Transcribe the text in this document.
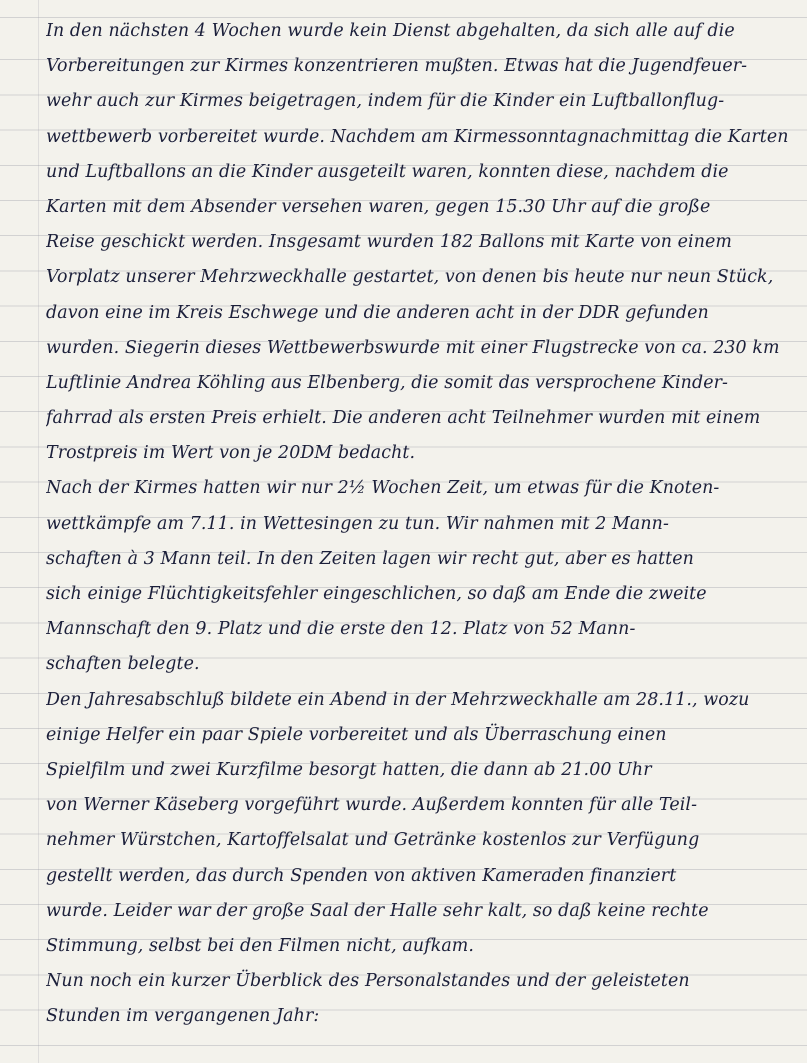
In den nächsten 4 Wochen wurde kein Dienst abgehalten, da sich alle auf die
Vorbereitungen zur Kirmes konzentrieren mußten. Etwas hat die Jugendfeuer-
wehr auch zur Kirmes beigetragen, indem für die Kinder ein Luftballonflug-
wettbewerb vorbereitet wurde. Nachdem am Kirmessonntagnachmittag die Karten
und Luftballons an die Kinder ausgeteilt waren, konnten diese, nachdem die
Karten mit dem Absender versehen waren, gegen 15.30 Uhr auf die große
Reise geschickt werden. Insgesamt wurden 182 Ballons mit Karte von einem
Vorplatz unserer Mehrzweckhalle gestartet, von denen bis heute nur neun Stück,
davon eine im Kreis Eschwege und die anderen acht in der DDR gefunden
wurden. Siegerin dieses Wettbewerbswurde mit einer Flugstrecke von ca. 230 km
Luftlinie Andrea Köhling aus Elbenberg, die somit das versprochene Kinder-
fahrrad als ersten Preis erhielt. Die anderen acht Teilnehmer wurden mit einem
Trostpreis im Wert von je 20DM bedacht.
Nach der Kirmes hatten wir nur 2½ Wochen Zeit, um etwas für die Knoten-
wettkämpfe am 7.11. in Wettesingen zu tun. Wir nahmen mit 2 Mann-
schaften à 3 Mann teil. In den Zeiten lagen wir recht gut, aber es hatten
sich einige Flüchtigkeitsfehler eingeschlichen, so daß am Ende die zweite
Mannschaft den 9. Platz und die erste den 12. Platz von 52 Mann-
schaften belegte.
Den Jahresabschluß bildete ein Abend in der Mehrzweckhalle am 28.11., wozu
einige Helfer ein paar Spiele vorbereitet und als Überraschung einen
Spielfilm und zwei Kurzfilme besorgt hatten, die dann ab 21.00 Uhr
von Werner Käseberg vorgeführt wurde. Außerdem konnten für alle Teil-
nehmer Würstchen, Kartoffelsalat und Getränke kostenlos zur Verfügung
gestellt werden, das durch Spenden von aktiven Kameraden finanziert
wurde. Leider war der große Saal der Halle sehr kalt, so daß keine rechte
Stimmung, selbst bei den Filmen nicht, aufkam.
Nun noch ein kurzer Überblick des Personalstandes und der geleisteten
Stunden im vergangenen Jahr:
